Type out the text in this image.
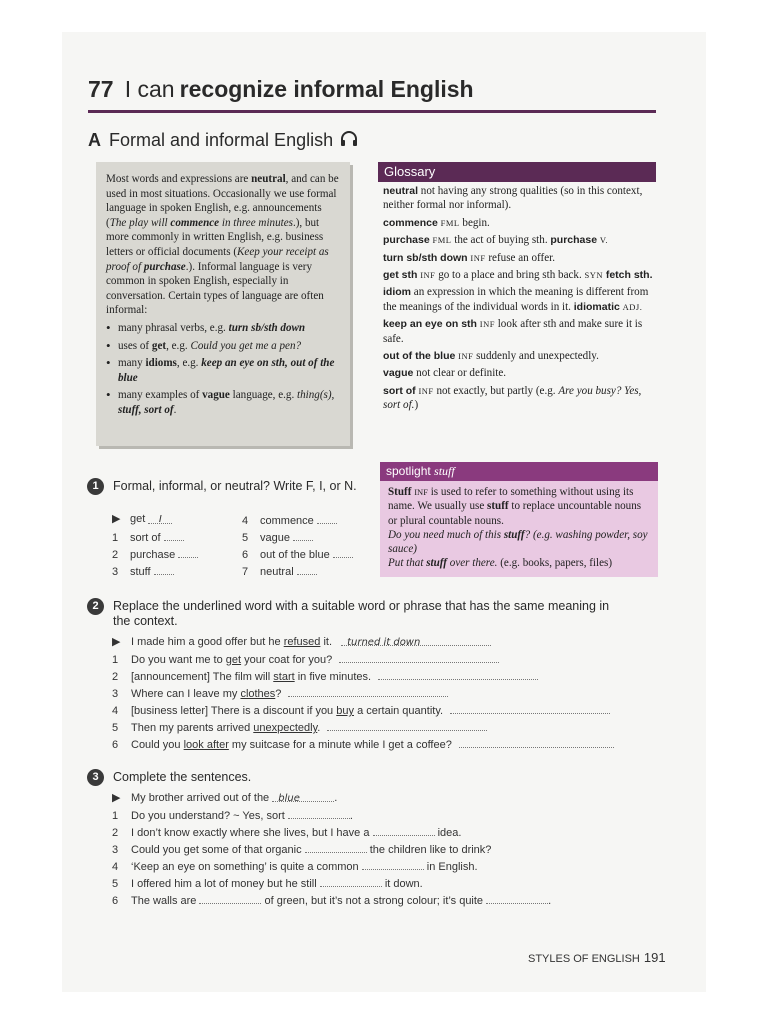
77 I can recognize informal English
A Formal and informal English

Most words and expressions are neutral, and can be used in most situations. Occasionally we use formal language in spoken English, e.g. announcements (The play will commence in three minutes.), but more commonly in written English, e.g. business letters or official documents (Keep your receipt as proof of purchase.). Informal language is very common in spoken English, especially in conversation. Certain types of language are often informal:

• many phrasal verbs, e.g. turn sb/sth down
• uses of get, e.g. Could you get me a pen?
• many idioms, e.g. keep an eye on sth, out of the blue
• many examples of vague language, e.g. thing(s), stuff, sort of.
Glossary
neutral not having any strong qualities (so in this context, neither formal nor informal).
commence FML begin.
purchase FML the act of buying sth. purchase V.
turn sb/sth down INF refuse an offer.
get sth INF go to a place and bring sth back. SYN fetch sth.
idiom an expression in which the meaning is different from the meanings of the individual words in it. idiomatic ADJ.
keep an eye on sth INF look after sth and make sure it is safe.
out of the blue INF suddenly and unexpectedly.
vague not clear or definite.
sort of INF not exactly, but partly (e.g. Are you busy? Yes, sort of.)
spotlight stuff
Stuff INF is used to refer to something without using its name. We usually use stuff to replace uncountable nouns or plural countable nouns.
Do you need much of this stuff? (e.g. washing powder, soy sauce)
Put that stuff over there. (e.g. books, papers, files)
1	Formal, informal, or neutral? Write F, I, or N.
▶ get I
1 sort of
2 purchase
3 stuff
4 commence
5 vague
6 out of the blue
7 neutral
2	Replace the underlined word with a suitable word or phrase that has the same meaning in the context.
▶ I made him a good offer but he refused it. turned it down
1 Do you want me to get your coat for you?
2 [announcement] The film will start in five minutes.
3 Where can I leave my clothes?
4 [business letter] There is a discount if you buy a certain quantity.
5 Then my parents arrived unexpectedly.
6 Could you look after my suitcase for a minute while I get a coffee?
3	Complete the sentences.
▶ My brother arrived out of the blue	.
1 Do you understand? ~ Yes, sort	.
2 I don’t know exactly where she lives, but I have a	idea.
3 Could you get some of that organic	the children like to drink?
4 ‘Keep an eye on something’ is quite a common	in English.
5 I offered him a lot of money but he still	it down.
6 The walls are	of green, but it’s not a strong colour; it’s quite	.
STYLES OF ENGLISH 191
